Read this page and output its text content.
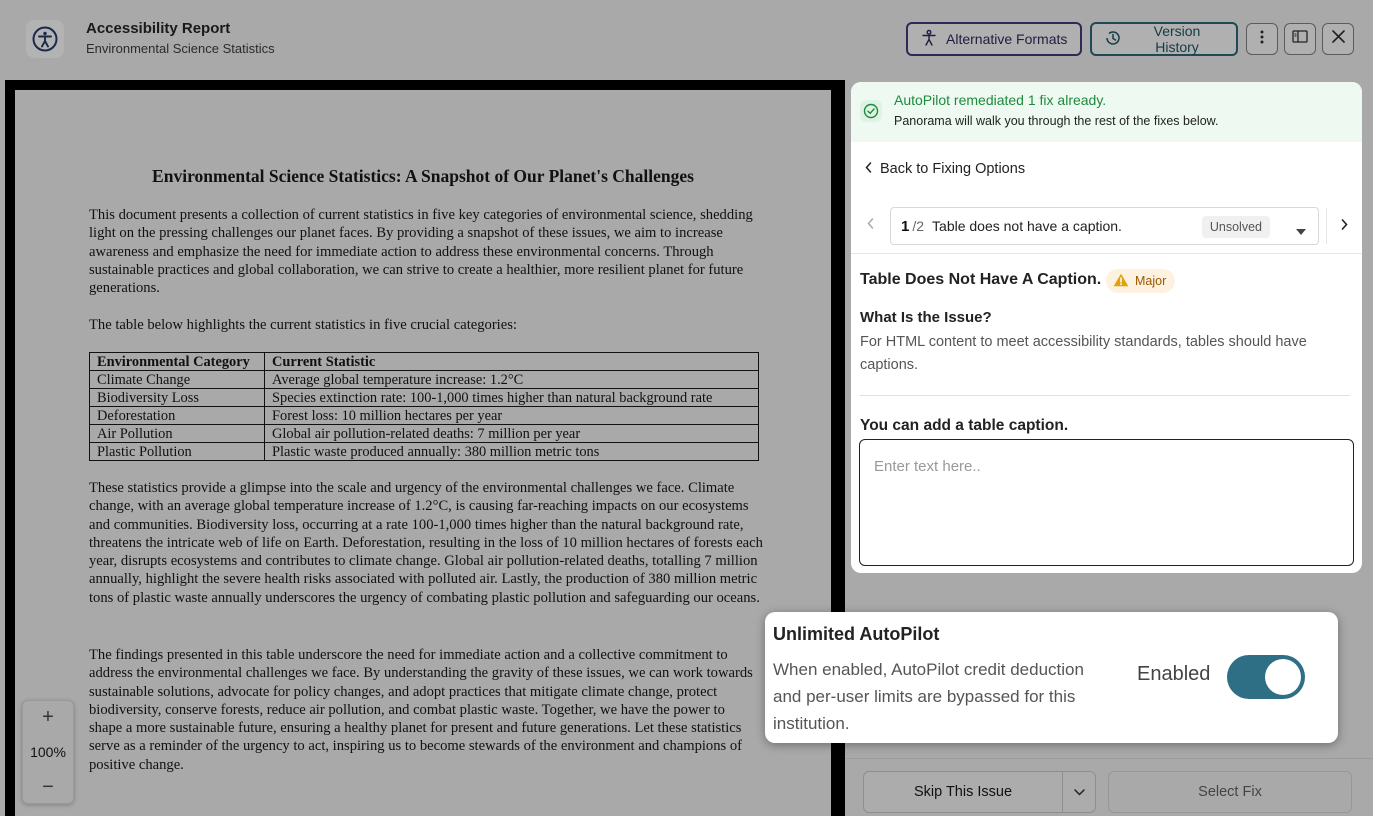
Accessibility Report
Environmental Science Statistics
Alternative Formats	Version History
Environmental Science Statistics: A Snapshot of Our Planet's Challenges

This document presents a collection of current statistics in five key categories of environmental science, shedding light on the pressing challenges our planet faces. By providing a snapshot of these issues, we aim to increase awareness and emphasize the need for immediate action to address these environmental concerns. Through sustainable practices and global collaboration, we can strive to create a healthier, more resilient planet for future generations.

The table below highlights the current statistics in five crucial categories:

Environmental Category	Current Statistic
Climate Change	Average global temperature increase: 1.2°C
Biodiversity Loss	Species extinction rate: 100-1,000 times higher than natural background rate
Deforestation	Forest loss: 10 million hectares per year
Air Pollution	Global air pollution-related deaths: 7 million per year
Plastic Pollution	Plastic waste produced annually: 380 million metric tons

These statistics provide a glimpse into the scale and urgency of the environmental challenges we face. Climate change, with an average global temperature increase of 1.2°C, is causing far-reaching impacts on our ecosystems and communities. Biodiversity loss, occurring at a rate 100-1,000 times higher than the natural background rate, threatens the intricate web of life on Earth. Deforestation, resulting in the loss of 10 million hectares of forests each year, disrupts ecosystems and contributes to climate change. Global air pollution-related deaths, totalling 7 million annually, highlight the severe health risks associated with polluted air. Lastly, the production of 380 million metric tons of plastic waste annually underscores the urgency of combating plastic pollution and safeguarding our oceans.

The findings presented in this table underscore the need for immediate action and a collective commitment to address the environmental challenges we face. By understanding the gravity of these issues, we can work towards sustainable solutions, advocate for policy changes, and adopt practices that mitigate climate change, protect biodiversity, conserve forests, reduce air pollution, and combat plastic waste. Together, we have the power to shape a more sustainable future, ensuring a healthy planet for present and future generations. Let these statistics serve as a reminder of the urgency to act, inspiring us to become stewards of the environment and champions of positive change.

+
100%
−
AutoPilot remediated 1 fix already.
Panorama will walk you through the rest of the fixes below.
Back to Fixing Options
1 /2 Table does not have a caption.	Unsolved
Table Does Not Have A Caption.	Major
What Is the Issue?
For HTML content to meet accessibility standards, tables should have captions.
You can add a table caption.
Enter text here..
Unlimited AutoPilot
When enabled, AutoPilot credit deduction and per-user limits are bypassed for this institution.
Enabled
Skip This Issue	Select Fix
